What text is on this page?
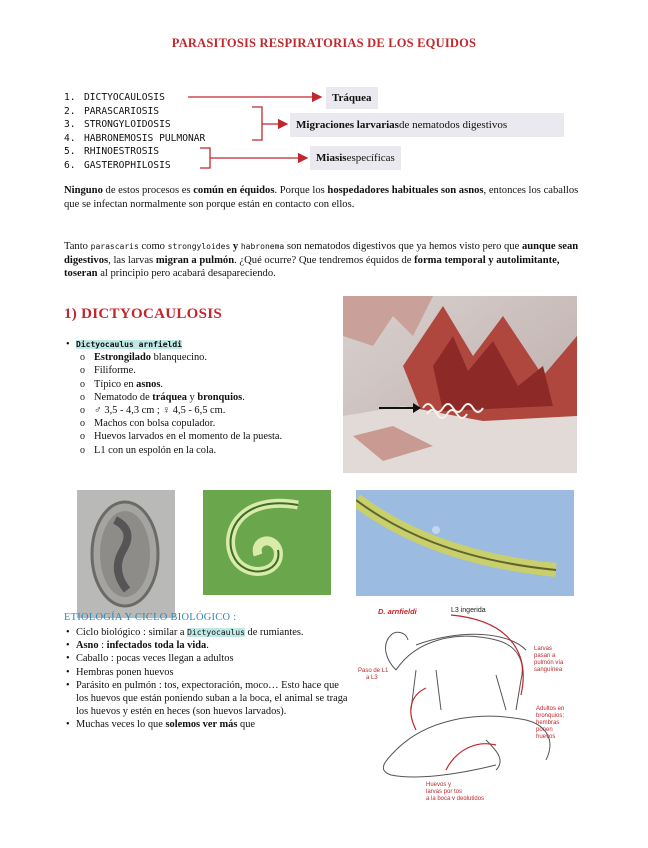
PARASITOSIS RESPIRATORIAS DE LOS EQUIDOS
1. DICTYOCAULOSIS
2. PARASCARIOSIS
3. STRONGYLOIDOSIS
4. HABRONEMOSIS PULMONAR
5. RHINOESTROSIS
6. GASTEROPHILOSIS
Tráquea
Migraciones larvarias de nematodos digestivos
Miasis específicas
Ninguno de estos procesos es común en équidos. Porque los hospedadores habituales son asnos, entonces los caballos que se infectan normalmente son porque están en contacto con ellos.
Tanto parascaris como strongyloides y habronema son nematodos digestivos que ya hemos visto pero que aunque sean digestivos, las larvas migran a pulmón. ¿Qué ocurre? Que tendremos équidos de forma temporal y autolimitante, toseran al principio pero acabará desapareciendo.
1) DICTYOCAULOSIS
• Dictyocaulus arnfieldi
o Estrongilado blanquecino.
o Filiforme.
o Típico en asnos.
o Nematodo de tráquea y bronquios.
o ♂ 3,5 - 4,3 cm ; ♀ 4,5 - 6,5 cm.
o Machos con bolsa copulador.
o Huevos larvados en el momento de la puesta.
o L1 con un espolón en la cola.
ETIOLOGÍA Y CICLO BIOLÓGICO :
• Ciclo biológico : similar a Dictyocaulus de rumiantes.
• Asno : infectados toda la vida.
• Caballo : pocas veces llegan a adultos
• Hembras ponen huevos
• Parásito en pulmón : tos, expectoración, moco… Esto hace que los huevos que están poniendo suban a la boca, el animal se traga los huevos y estén en heces (son huevos larvados).
• Muchas veces lo que solemos ver más que
D. arnfieldi	L3 ingerida
Larvas pasan a pulmón vía sanguínea
Paso de L1 a L3
Adultos en bronquios; hembras ponen huevos
Huevos y larvas por tos a la boca y deglutidos
